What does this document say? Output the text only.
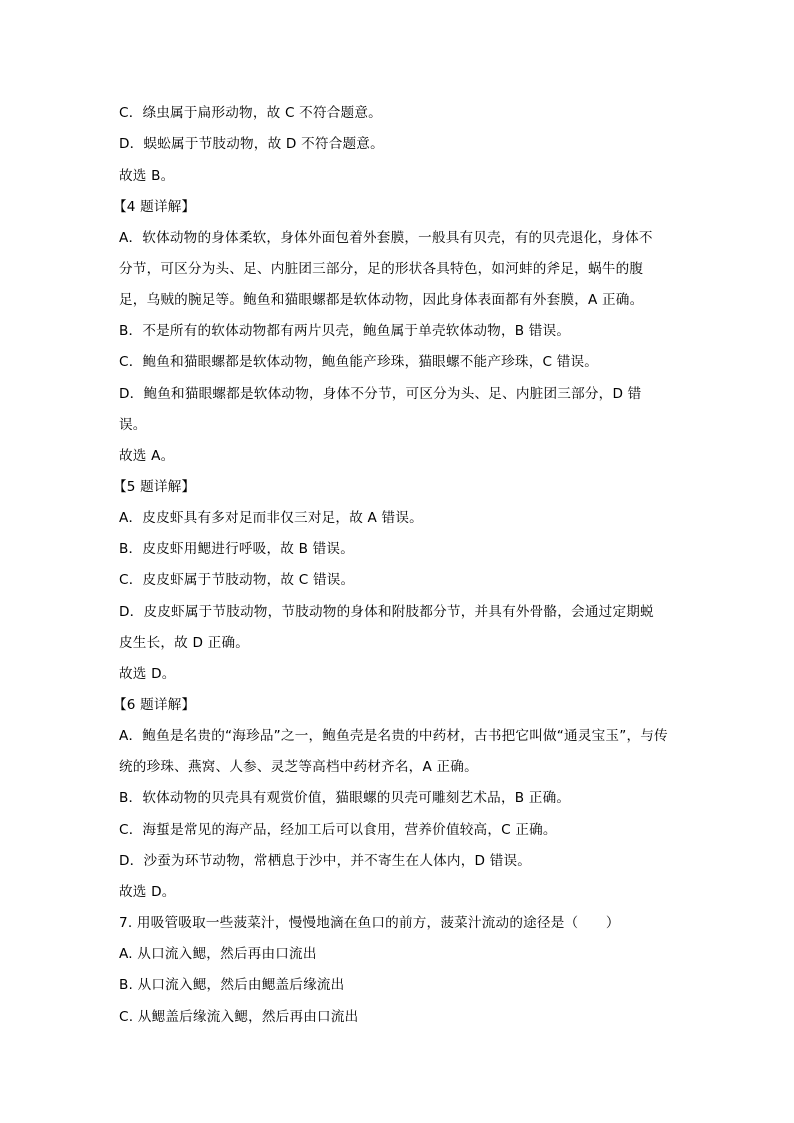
C．绦虫属于扁形动物，故 C 不符合题意。
D．蜈蚣属于节肢动物，故 D 不符合题意。
故选 B。
【4 题详解】
A．软体动物的身体柔软，身体外面包着外套膜，一般具有贝壳，有的贝壳退化，身体不
分节，可区分为头、足、内脏团三部分，足的形状各具特色，如河蚌的斧足，蜗牛的腹
足，乌贼的腕足等。鲍鱼和猫眼螺都是软体动物，因此身体表面都有外套膜，A 正确。
B．不是所有的软体动物都有两片贝壳，鲍鱼属于单壳软体动物，B 错误。
C．鲍鱼和猫眼螺都是软体动物，鲍鱼能产珍珠，猫眼螺不能产珍珠，C 错误。
D．鲍鱼和猫眼螺都是软体动物，身体不分节，可区分为头、足、内脏团三部分，D 错
误。
故选 A。
【5 题详解】
A．皮皮虾具有多对足而非仅三对足，故 A 错误。
B．皮皮虾用鳃进行呼吸，故 B 错误。
C．皮皮虾属于节肢动物，故 C 错误。
D．皮皮虾属于节肢动物，节肢动物的身体和附肢都分节，并具有外骨骼，会通过定期蜕
皮生长，故 D 正确。
故选 D。
【6 题详解】
A．鲍鱼是名贵的“海珍品”之一，鲍鱼壳是名贵的中药材，古书把它叫做“通灵宝玉”，与传
统的珍珠、燕窝、人参、灵芝等高档中药材齐名，A 正确。
B．软体动物的贝壳具有观赏价值，猫眼螺的贝壳可雕刻艺术品，B 正确。
C．海蜇是常见的海产品，经加工后可以食用，营养价值较高，C 正确。
D．沙蚕为环节动物，常栖息于沙中，并不寄生在人体内，D 错误。
故选 D。
7. 用吸管吸取一些菠菜汁，慢慢地滴在鱼口的前方，菠菜汁流动的途径是（　　）
A. 从口流入鳃，然后再由口流出
B. 从口流入鳃，然后由鳃盖后缘流出
C. 从鳃盖后缘流入鳃，然后再由口流出
